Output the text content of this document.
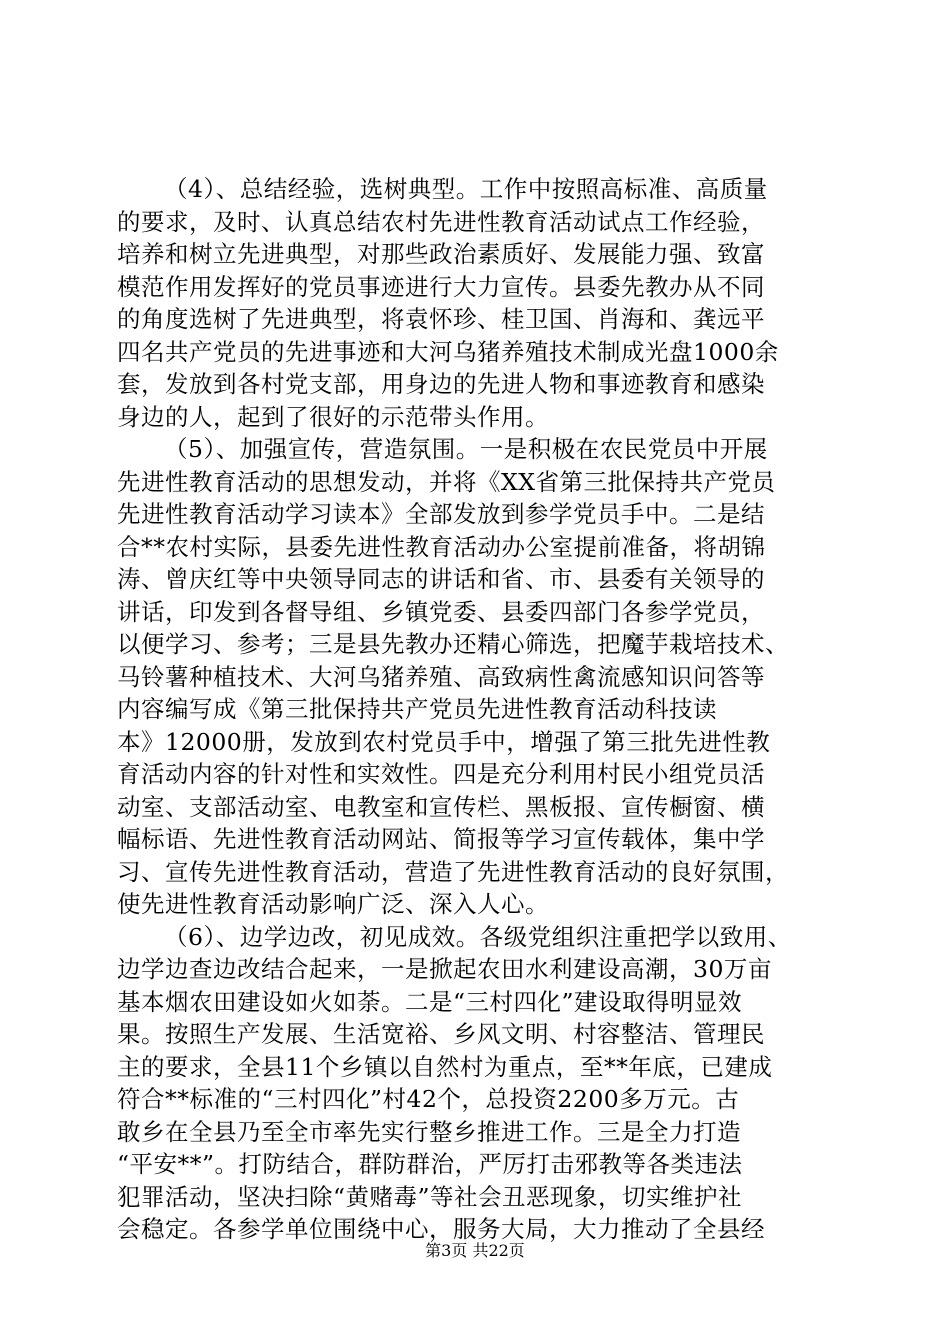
（4）、总结经验，选树典型。工作中按照高标准、高质量
的要求，及时、认真总结农村先进性教育活动试点工作经验，
培养和树立先进典型，对那些政治素质好、发展能力强、致富
模范作用发挥好的党员事迹进行大力宣传。县委先教办从不同
的角度选树了先进典型，将袁怀珍、桂卫国、肖海和、龚远平
四名共产党员的先进事迹和大河乌猪养殖技术制成光盘1000余
套，发放到各村党支部，用身边的先进人物和事迹教育和感染
身边的人，起到了很好的示范带头作用。
（5）、加强宣传，营造氛围。一是积极在农民党员中开展
先进性教育活动的思想发动，并将《XX省第三批保持共产党员
先进性教育活动学习读本》全部发放到参学党员手中。二是结
合**农村实际，县委先进性教育活动办公室提前准备，将胡锦
涛、曾庆红等中央领导同志的讲话和省、市、县委有关领导的
讲话，印发到各督导组、乡镇党委、县委四部门各参学党员，
以便学习、参考；三是县先教办还精心筛选，把魔芋栽培技术、
马铃薯种植技术、大河乌猪养殖、高致病性禽流感知识问答等
内容编写成《第三批保持共产党员先进性教育活动科技读
本》12000册，发放到农村党员手中，增强了第三批先进性教
育活动内容的针对性和实效性。四是充分利用村民小组党员活
动室、支部活动室、电教室和宣传栏、黑板报、宣传橱窗、横
幅标语、先进性教育活动网站、简报等学习宣传载体，集中学
习、宣传先进性教育活动，营造了先进性教育活动的良好氛围，
使先进性教育活动影响广泛、深入人心。
（6）、边学边改，初见成效。各级党组织注重把学以致用、
边学边查边改结合起来，一是掀起农田水利建设高潮，30万亩
基本烟农田建设如火如荼。二是“三村四化”建设取得明显效
果。按照生产发展、生活宽裕、乡风文明、村容整洁、管理民
主的要求，全县11个乡镇以自然村为重点，至**年底，已建成
符合**标准的“三村四化”村42个，总投资2200多万元。古
敢乡在全县乃至全市率先实行整乡推进工作。三是全力打造
“平安**”。打防结合，群防群治，严厉打击邪教等各类违法
犯罪活动，坚决扫除“黄赌毒”等社会丑恶现象，切实维护社
会稳定。各参学单位围绕中心，服务大局，大力推动了全县经
第3页 共22页
